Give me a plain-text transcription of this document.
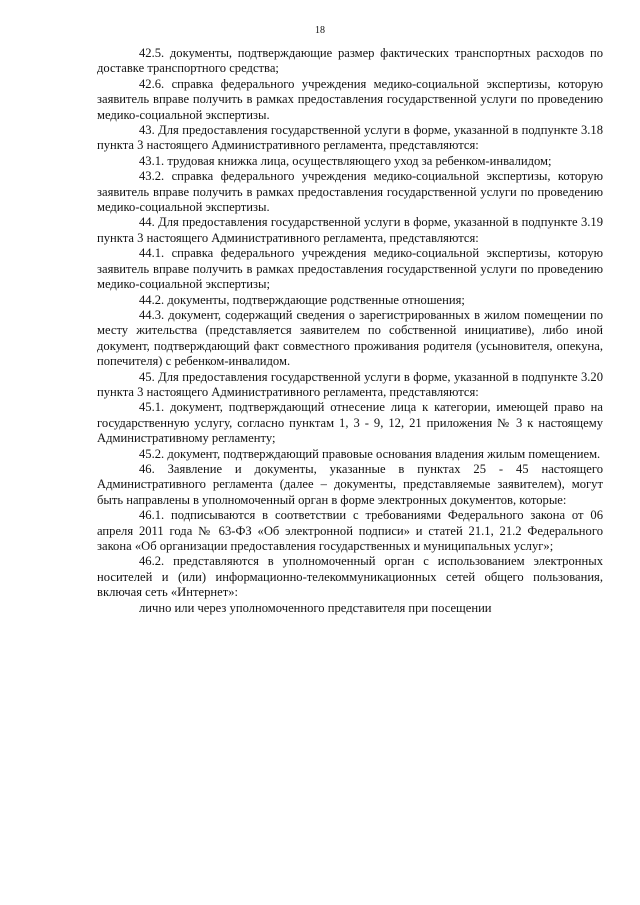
18

42.5. документы, подтверждающие размер фактических транспортных расходов по доставке транспортного средства;

42.6. справка федерального учреждения медико-социальной экспертизы, которую заявитель вправе получить в рамках предоставления государственной услуги по проведению медико-социальной экспертизы.

43. Для предоставления государственной услуги в форме, указанной в подпункте 3.18 пункта 3 настоящего Административного регламента, представляются:

43.1. трудовая книжка лица, осуществляющего уход за ребенком-инвалидом;

43.2. справка федерального учреждения медико-социальной экспертизы, которую заявитель вправе получить в рамках предоставления государственной услуги по проведению медико-социальной экспертизы.

44. Для предоставления государственной услуги в форме, указанной в подпункте 3.19 пункта 3 настоящего Административного регламента, представляются:

44.1. справка федерального учреждения медико-социальной экспертизы, которую заявитель вправе получить в рамках предоставления государственной услуги по проведению медико-социальной экспертизы;

44.2. документы, подтверждающие родственные отношения;

44.3. документ, содержащий сведения о зарегистрированных в жилом помещении по месту жительства (представляется заявителем по собственной инициативе), либо иной документ, подтверждающий факт совместного проживания родителя (усыновителя, опекуна, попечителя) с ребенком-инвалидом.

45. Для предоставления государственной услуги в форме, указанной в подпункте 3.20 пункта 3 настоящего Административного регламента, представляются:

45.1. документ, подтверждающий отнесение лица к категории, имеющей право на государственную услугу, согласно пунктам 1, 3 - 9, 12, 21 приложения № 3 к настоящему Административному регламенту;

45.2. документ, подтверждающий правовые основания владения жилым помещением.

46. Заявление и документы, указанные в пунктах 25 - 45 настоящего Административного регламента (далее – документы, представляемые заявителем), могут быть направлены в уполномоченный орган в форме электронных документов, которые:

46.1. подписываются в соответствии с требованиями Федерального закона от 06 апреля 2011 года № 63-ФЗ «Об электронной подписи» и статей 21.1, 21.2 Федерального закона «Об организации предоставления государственных и муниципальных услуг»;

46.2. представляются в уполномоченный орган с использованием электронных носителей и (или) информационно-телекоммуникационных сетей общего пользования, включая сеть «Интернет»:

лично или через уполномоченного представителя при посещении
